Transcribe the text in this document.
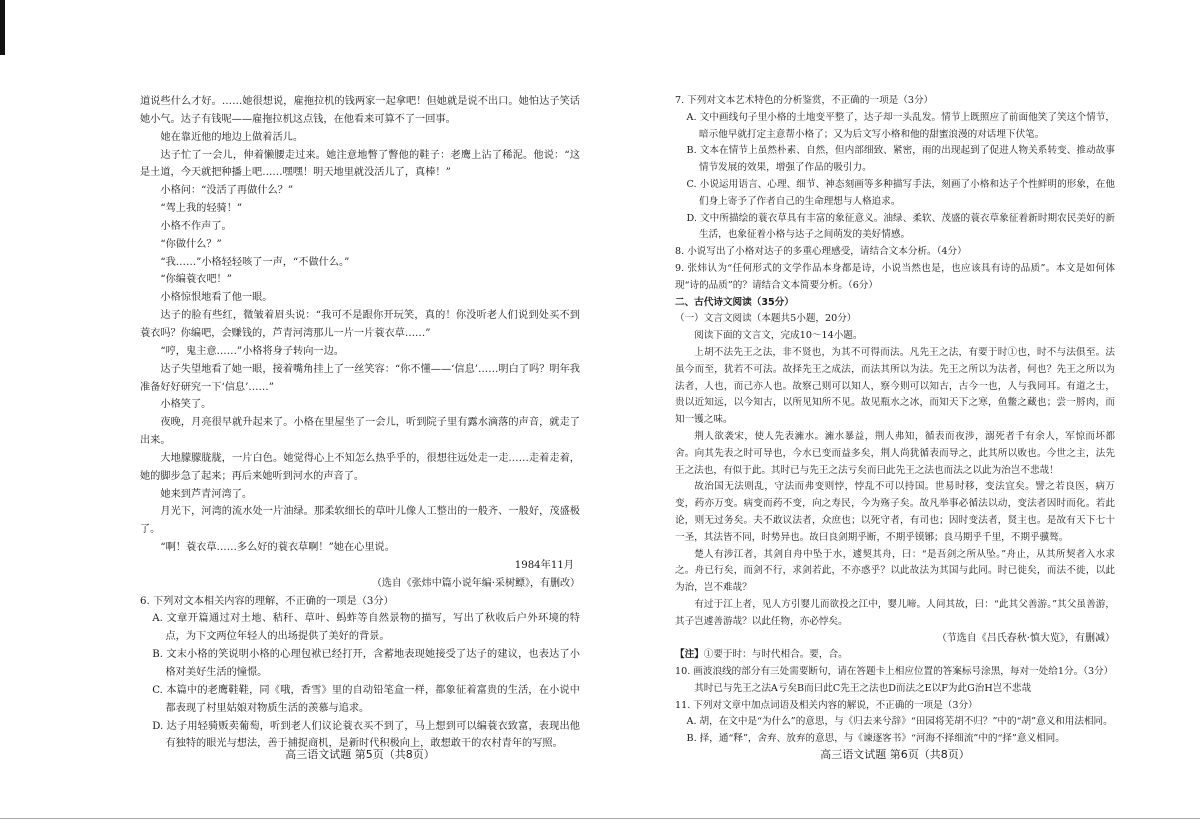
道说些什么才好。……她很想说，雇拖拉机的钱两家一起拿吧！但她就是说不出口。她怕达子笑话她小气。达子有钱呢——雇拖拉机这点钱，在他看来可算不了一回事。

她在靠近他的地边上做着活儿。

达子忙了一会儿，伸着懒腰走过来。她注意地瞥了瞥他的鞋子：老鹰上沾了稀泥。他说：“这是土道，今天就把种播上吧……嘿嘿！明天地里就没活儿了，真棒！”

小格问：“没活了再做什么？”

“驾上我的轻骑！”

小格不作声了。

“你做什么？”

“我……”小格轻轻咳了一声，“不做什么。”

“你编蓑衣吧！”

小格惊恨地看了他一眼。

达子的脸有些红，微皱着眉头说：“我可不是跟你开玩笑，真的！你没听老人们说到处买不到蓑衣吗？你编吧，会赚钱的，芦青河湾那儿一片一片蓑衣草……”

“哼，鬼主意……”小格将身子转向一边。

达子失望地看了她一眼，接着嘴角挂上了一丝笑容：“你不懂——‘信息’……明白了吗？明年我准备好好研究一下‘信息’……”

小格笑了。

夜晚，月亮很早就升起来了。小格在里屋坐了一会儿，听到院子里有露水滴落的声音，就走了出来。

大地朦朦胧胧，一片白色。她觉得心上不知怎么热乎乎的，很想往远处走一走……走着走着，她的脚步急了起来；再后来她听到河水的声音了。

她来到芦青河湾了。

月光下，河湾的流水处一片油绿。那柔软细长的草叶儿像人工整出的一般齐、一般好，茂盛极了。

“啊！蓑衣草……多么好的蓑衣草啊！”她在心里说。

1984年11月

（选自《张炜中篇小说年编·采树鳔》，有删改）

6. 下列对文本相关内容的理解，不正确的一项是（3分）

A. 文章开篇通过对土地、秸秆、草叶、蚂蚱等自然景物的描写，写出了秋收后户外环境的特点，为下文两位年轻人的出场提供了美好的背景。

B. 文末小格的笑说明小格的心理包袱已经打开，含蓄地表现她接受了达子的建议，也表达了小格对美好生活的憧憬。

C. 本篇中的老鹰鞋鞋，同《哦，香雪》里的自动铅笔盒一样，都象征着富贵的生活，在小说中都表现了村里姑娘对物质生活的羡慕与追求。

D. 达子用轻骑贩卖葡萄，听到老人们议论蓑衣买不到了，马上想到可以编蓑衣致富，表现出他有独特的眼光与想法，善于捕捉商机，是新时代积极向上，敢想敢干的农村青年的写照。

高三语文试题 第5页（共8页）

7. 下列对文本艺术特色的分析鉴赏，不正确的一项是（3分）

A. 文中画线句子里小格的土地变平整了，达子却一头乱发。情节上既照应了前面他笑了笑这个情节，暗示他早就打定主意帮小格了；又为后文写小格和他的甜蜜浪漫的对话埋下伏笔。

B. 文本在情节上虽然朴素、自然，但内部细致、紧密，雨的出现起到了促进人物关系转变、推动故事情节发展的效果，增强了作品的吸引力。

C. 小说运用语言、心理、细节、神态刻画等多种描写手法，刻画了小格和达子个性鲜明的形象，在他们身上寄予了作者自己的生命理想与人格追求。

D. 文中所描绘的蓑衣草具有丰富的象征意义。油绿、柔软、茂盛的蓑衣草象征着新时期农民美好的新生活，也象征着小格与达子之间萌发的美好情感。

8. 小说写出了小格对达子的多重心理感受，请结合文本分析。（4分）

9. 张炜认为“任何形式的文学作品本身都是诗，小说当然也是，也应该具有诗的品质”。本文是如何体现“诗的品质”的？请结合文本简要分析。（6分）

二、古代诗文阅读（35分）

（一）文言文阅读（本题共5小题，20分）

阅读下面的文言文，完成10～14小题。

上胡不法先王之法，非不贤也，为其不可得而法。凡先王之法，有要于时①也，时不与法俱至。法虽今而至，犹若不可法。故择先王之成法，而法其所以为法。先王之所以为法者，何也？先王之所以为法者，人也，而己亦人也。故察己则可以知人，察今则可以知古，古今一也，人与我同耳。有道之士，贵以近知远，以今知古，以所见知所不见。故见瓶水之冰，而知天下之寒，鱼鳖之藏也；尝一脟肉，而知一镬之味。

荆人欲袭宋，使人先表澭水。澭水暴益，荆人弗知，循表而夜涉，溺死者千有余人，军惊而坏都舍。向其先表之时可导也，今水已变而益多矣，荆人尚犹循表而导之，此其所以败也。今世之主，法先王之法也，有似于此。其时已与先王之法亏矣而曰此先王之法也而法之以此为治岂不悲哉！

故治国无法则乱，守法而弗变则悖，悖乱不可以持国。世易时移，变法宜矣。譬之若良医，病万变，药亦万变。病变而药不变，向之寿民，今为殇子矣。故凡举事必循法以动，变法者因时而化。若此论，则无过务矣。夫不敢议法者，众庶也；以死守者，有司也；因时变法者，贤主也。是故有天下七十一圣，其法皆不同，时势异也。故曰良剑期乎断，不期乎镆铘；良马期乎千里，不期乎骥骜。

楚人有涉江者，其剑自舟中坠于水，遽契其舟，曰：“是吾剑之所从坠。”舟止，从其所契者入水求之。舟已行矣，而剑不行，求剑若此，不亦惑乎？以此故法为其国与此同。时已徙矣，而法不徙，以此为治，岂不难哉？

有过于江上者，见人方引婴儿而欲投之江中，婴儿啼。人问其故，曰：“此其父善游。”其父虽善游，其子岂遽善游哉？以此任物，亦必悖矣。

（节选自《吕氏春秋·慎大览》，有删减）

【注】①要于时：与时代相合。要，合。

10. 画波浪线的部分有三处需要断句，请在答题卡上相应位置的答案标号涂黑，每对一处给1分。（3分）

其时已与先王之法A亏矣B而曰此C先王之法也D而法之E以F为此G治H岂不悲哉

11. 下列对文章中加点词语及相关内容的解说，不正确的一项是（3分）

A. 胡，在文中是“为什么”的意思，与《归去来兮辞》“田园将芜胡不归？”中的“胡”意义和用法相同。

B. 择，通“释”，舍弃、放弃的意思，与《谏逐客书》“河海不择细流”中的“择”意义相同。

高三语文试题 第6页（共8页）
